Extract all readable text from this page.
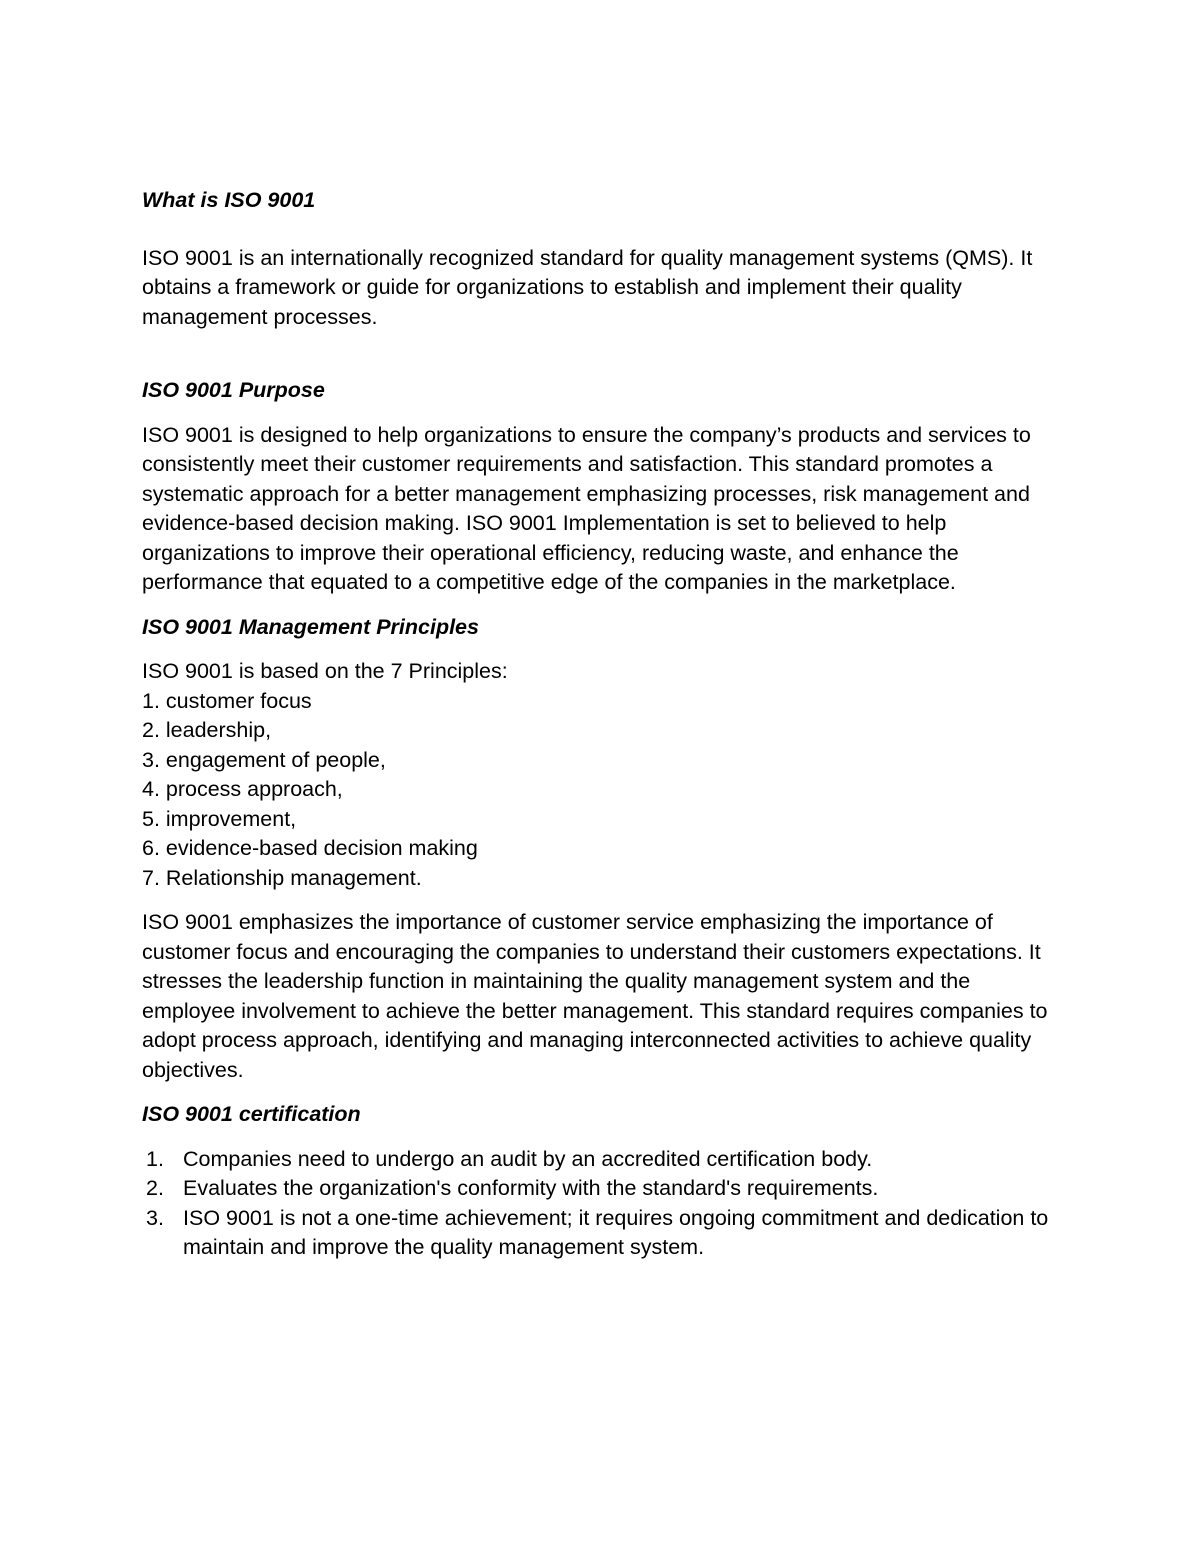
What is ISO 9001

ISO 9001 is an internationally recognized standard for quality management systems (QMS). It obtains a framework or guide for organizations to establish and implement their quality management processes.

ISO 9001 Purpose

ISO 9001 is designed to help organizations to ensure the company’s products and services to consistently meet their customer requirements and satisfaction. This standard promotes a systematic approach for a better management emphasizing processes, risk management and evidence-based decision making. ISO 9001 Implementation is set to believed to help organizations to improve their operational efficiency, reducing waste, and enhance the performance that equated to a competitive edge of the companies in the marketplace.

ISO 9001 Management Principles

ISO 9001 is based on the 7 Principles:

1. customer focus
2. leadership,
3. engagement of people,
4. process approach,
5. improvement,
6. evidence-based decision making
7. Relationship management.

ISO 9001 emphasizes the importance of customer service emphasizing the importance of customer focus and encouraging the companies to understand their customers expectations. It stresses the leadership function in maintaining the quality management system and the employee involvement to achieve the better management. This standard requires companies to adopt process approach, identifying and managing interconnected activities to achieve quality objectives.

ISO 9001 certification

1. Companies need to undergo an audit by an accredited certification body.
2. Evaluates the organization's conformity with the standard's requirements.
3. ISO 9001 is not a one-time achievement; it requires ongoing commitment and dedication to maintain and improve the quality management system.
